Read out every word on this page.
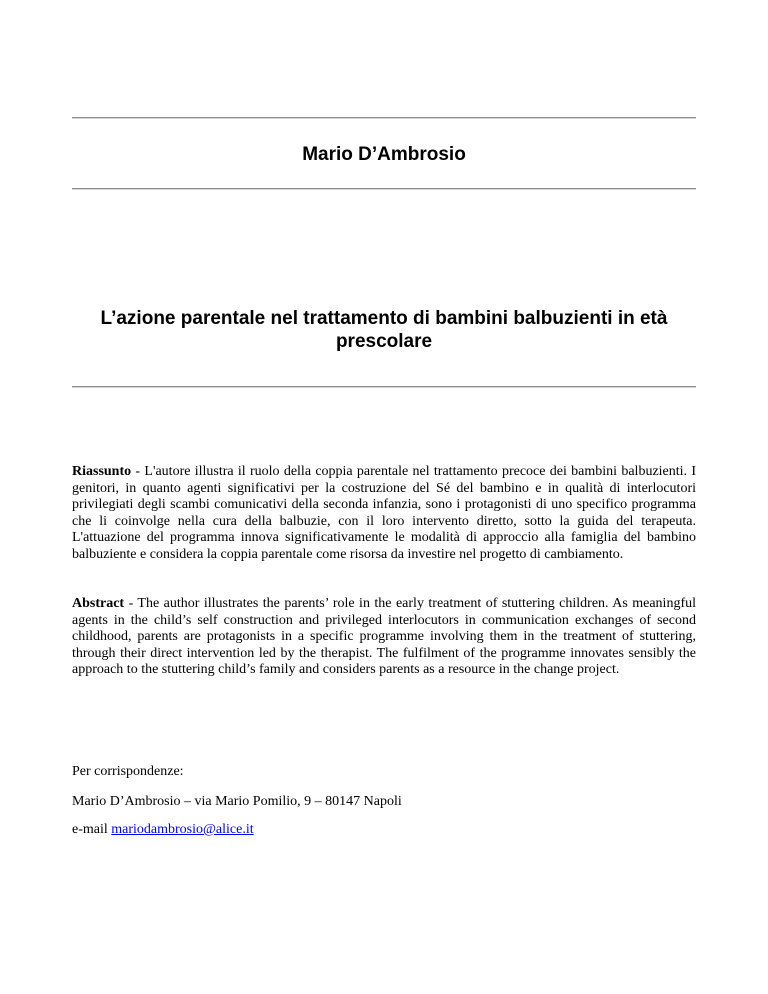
Mario D’Ambrosio
L’azione parentale nel trattamento di bambini balbuzienti in età prescolare

Riassunto - L'autore illustra il ruolo della coppia parentale nel trattamento precoce dei bambini balbuzienti. I genitori, in quanto agenti significativi per la costruzione del Sé del bambino e in qualità di interlocutori privilegiati degli scambi comunicativi della seconda infanzia, sono i protagonisti di uno specifico programma che li coinvolge nella cura della balbuzie, con il loro intervento diretto, sotto la guida del terapeuta. L'attuazione del programma innova significativamente le modalità di approccio alla famiglia del bambino balbuziente e considera la coppia parentale come risorsa da investire nel progetto di cambiamento.

Abstract - The author illustrates the parents’ role in the early treatment of stuttering children. As meaningful agents in the child’s self construction and privileged interlocutors in communication exchanges of second childhood, parents are protagonists in a specific programme involving them in the treatment of stuttering, through their direct intervention led by the therapist. The fulfilment of the programme innovates sensibly the approach to the stuttering child’s family and considers parents as a resource in the change project.

Per corrispondenze:

Mario D’Ambrosio – via Mario Pomilio, 9 – 80147 Napoli

e-mail mariodambrosio@alice.it
